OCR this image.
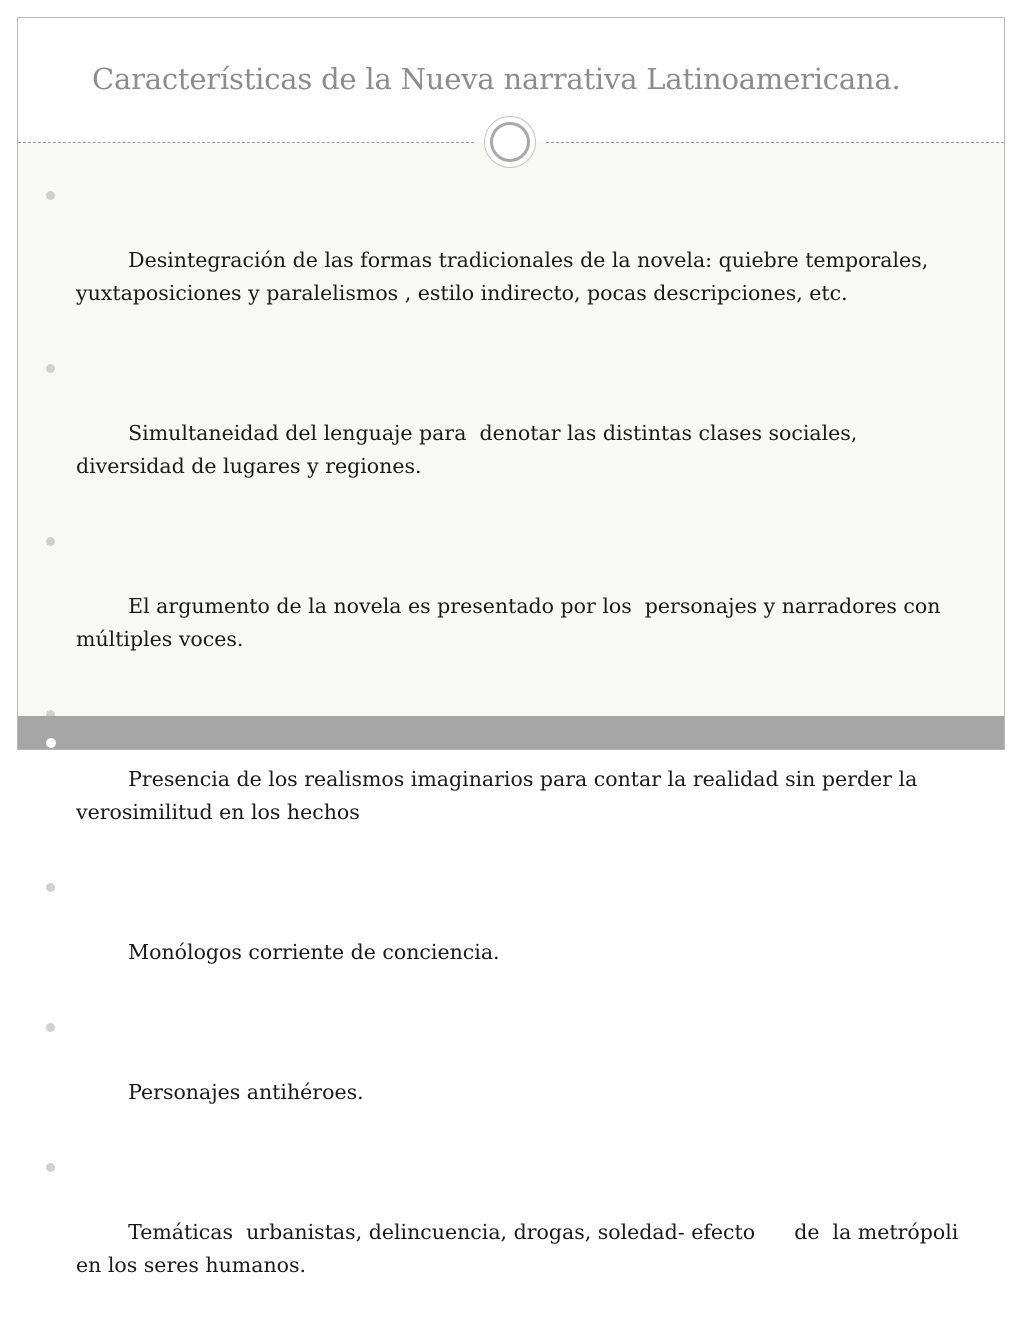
Características de la Nueva narrativa Latinoamericana.

Desintegración de las formas tradicionales de la novela: quiebre temporales, yuxtaposiciones y paralelismos , estilo indirecto, pocas descripciones, etc.

Simultaneidad del lenguaje para  denotar las distintas clases sociales, diversidad de lugares y regiones.

El argumento de la novela es presentado por los  personajes y narradores con múltiples voces.

Presencia de los realismos imaginarios para contar la realidad sin perder la  verosimilitud en los hechos

Monólogos corriente de conciencia.

Personajes antihéroes.

Temáticas  urbanistas, delincuencia, drogas, soledad- efecto      de  la metrópoli en los seres humanos.
